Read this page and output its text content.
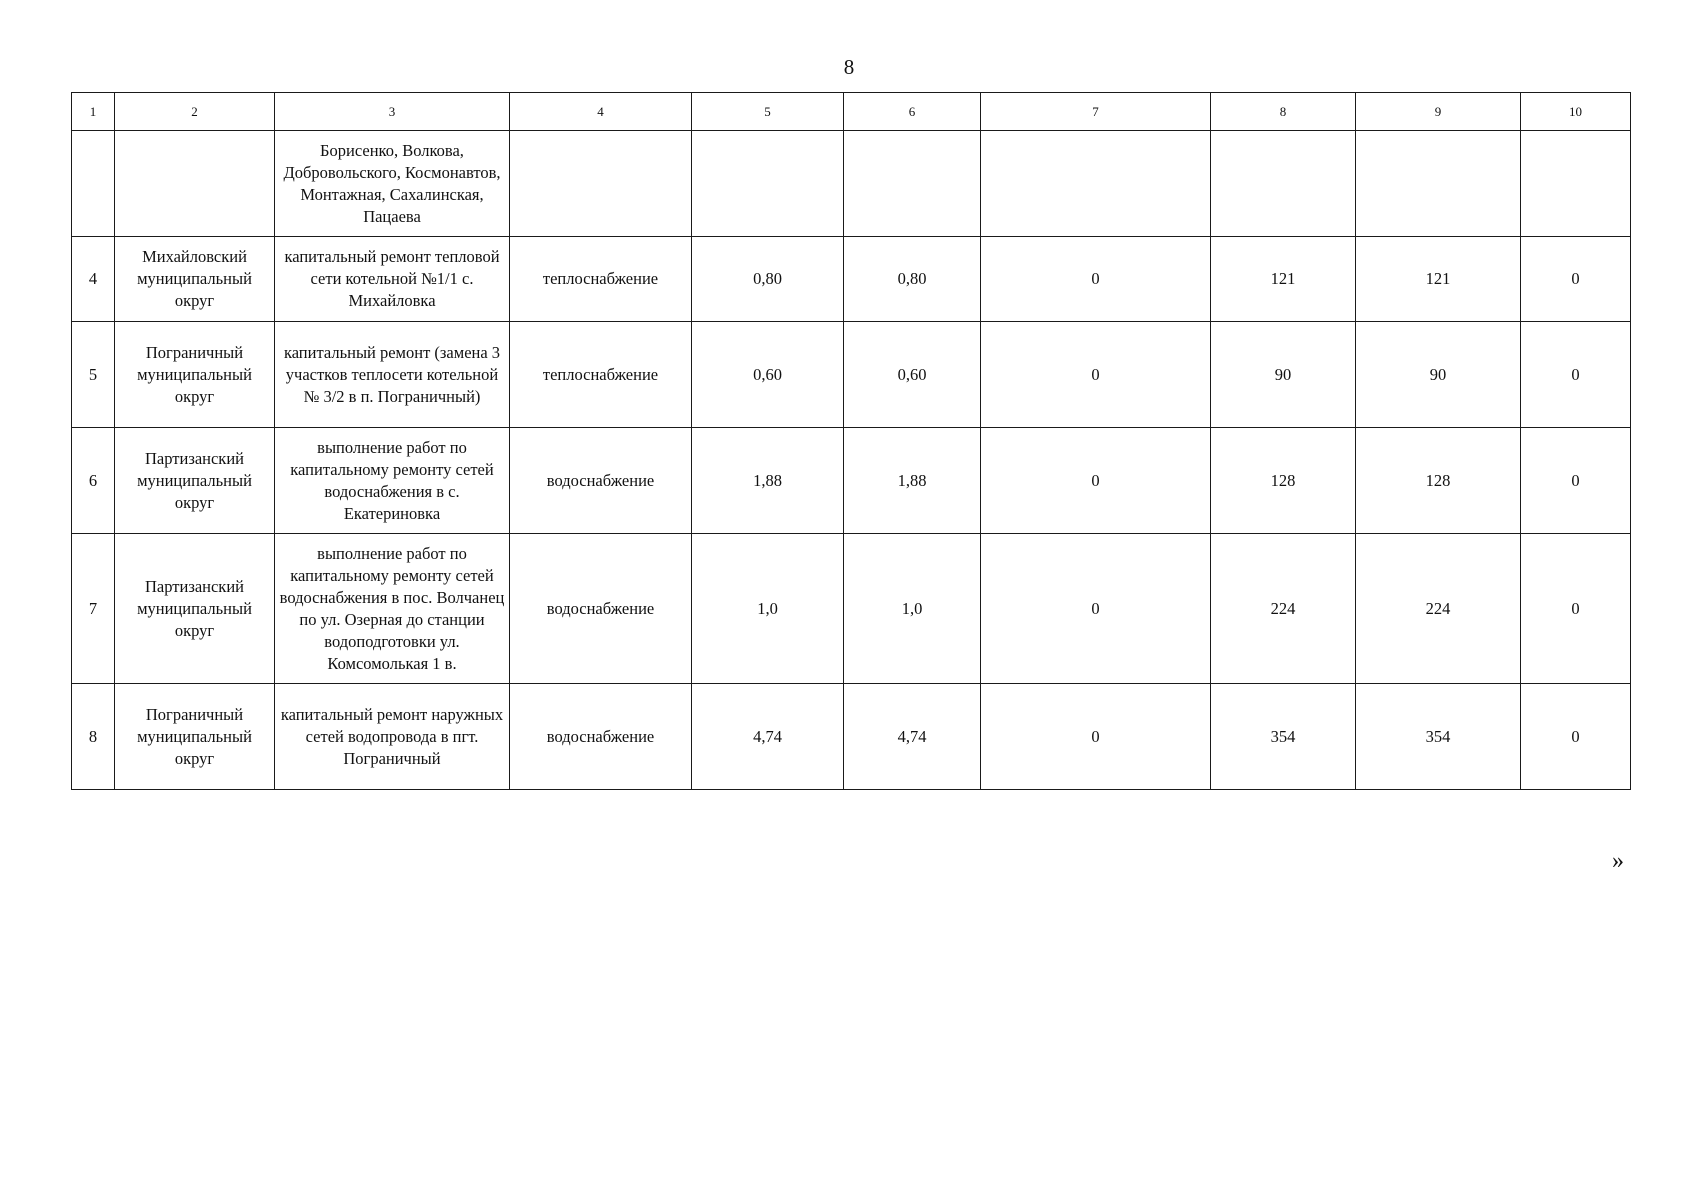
8
1	2	3	4	5	6	7	8	9	10
		Борисенко, Волкова, Добровольского, Космонавтов, Монтажная, Сахалинская, Пацаева							
4	Михайловский муниципальный округ	капитальный ремонт тепловой сети котельной №1/1 с. Михайловка	теплоснабжение	0,80	0,80	0	121	121	0
5	Пограничный муниципальный округ	капитальный ремонт (замена 3 участков теплосети котельной № 3/2 в п. Пограничный)	теплоснабжение	0,60	0,60	0	90	90	0
6	Партизанский муниципальный округ	выполнение работ по капитальному ремонту сетей водоснабжения в с. Екатериновка	водоснабжение	1,88	1,88	0	128	128	0
7	Партизанский муниципальный округ	выполнение работ по капитальному ремонту сетей водоснабжения в пос. Волчанец по ул. Озерная до станции водоподготовки ул. Комсомолькая 1 в.	водоснабжение	1,0	1,0	0	224	224	0
8	Пограничный муниципальный округ	капитальный ремонт наружных сетей водопровода в пгт. Пограничный	водоснабжение	4,74	4,74	0	354	354	0
»
